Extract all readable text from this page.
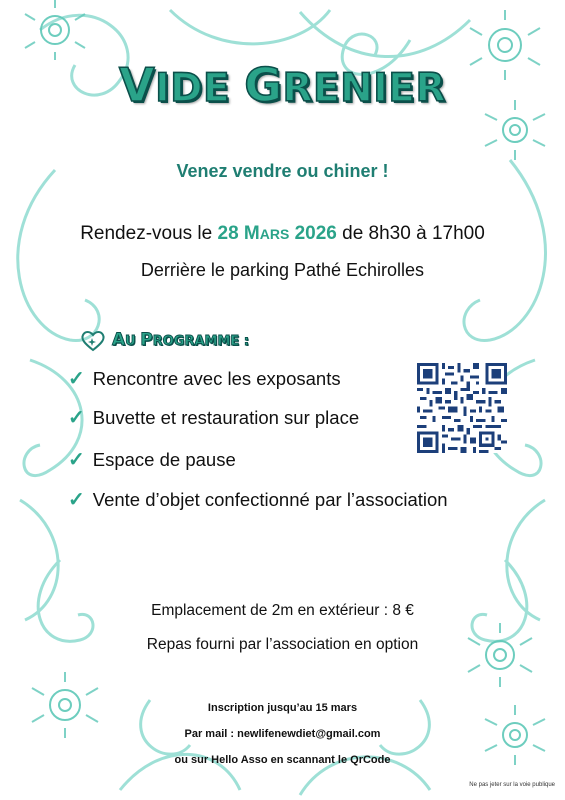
VIDE GRENIER
Venez vendre ou chiner !
Rendez-vous le 28 MARS 2026 de 8h30 à 17h00
Derrière le parking Pathé Echirolles
AU PROGRAMME :
✓ Rencontre avec les exposants
✓ Buvette et restauration sur place
✓ Espace de pause
✓ Vente d’objet confectionné par l’association
Emplacement de 2m en extérieur : 8 €
Repas fourni par l’association en option
Inscription jusqu’au 15 mars
Par mail : newlifenewdiet@gmail.com
ou sur Hello Asso en scannant le QrCode
Ne pas jeter sur la voie publique
